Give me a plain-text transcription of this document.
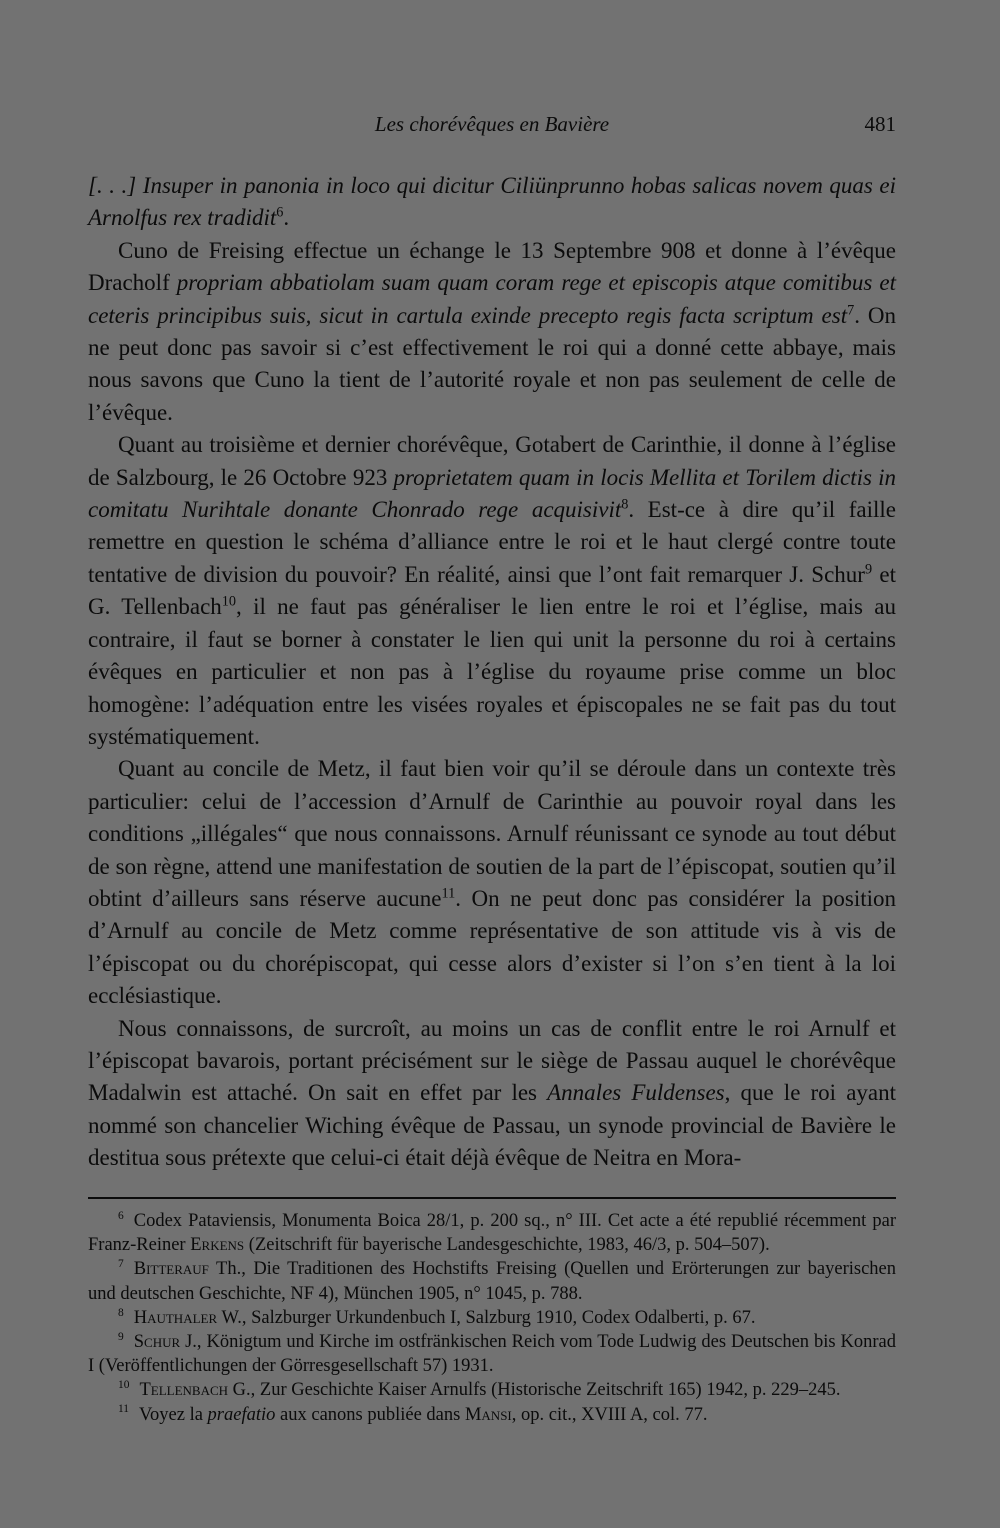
Les chorévêques en Bavière	481

[. . .] Insuper in panonia in loco qui dicitur Ciliünprunno hobas salicas novem quas ei Arnolfus rex tradidit$^6$.

Cuno de Freising effectue un échange le 13 Septembre 908 et donne à l’évêque Dracholf propriam abbatiolam suam quam coram rege et episcopis atque comitibus et ceteris principibus suis, sicut in cartula exinde precepto regis facta scriptum est$^7$. On ne peut donc pas savoir si c’est effectivement le roi qui a donné cette abbaye, mais nous savons que Cuno la tient de l’autorité royale et non pas seulement de celle de l’évêque.

Quant au troisième et dernier chorévêque, Gotabert de Carinthie, il donne à l’église de Salzbourg, le 26 Octobre 923 proprietatem quam in locis Mellita et Torilem dictis in comitatu Nurihtale donante Chonrado rege acquisivit$^8$. Est-ce à dire qu’il faille remettre en question le schéma d’alliance entre le roi et le haut clergé contre toute tentative de division du pouvoir? En réalité, ainsi que l’ont fait remarquer J. Schur$^9$ et G. Tellenbach$^{10}$, il ne faut pas généraliser le lien entre le roi et l’église, mais au contraire, il faut se borner à constater le lien qui unit la personne du roi à certains évêques en particulier et non pas à l’église du royaume prise comme un bloc homogène: l’adéquation entre les visées royales et épiscopales ne se fait pas du tout systématiquement.

Quant au concile de Metz, il faut bien voir qu’il se déroule dans un contexte très particulier: celui de l’accession d’Arnulf de Carinthie au pouvoir royal dans les conditions „illégales“ que nous connaissons. Arnulf réunissant ce synode au tout début de son règne, attend une manifestation de soutien de la part de l’épiscopat, soutien qu’il obtint d’ailleurs sans réserve aucune$^{11}$. On ne peut donc pas considérer la position d’Arnulf au concile de Metz comme représentative de son attitude vis à vis de l’épiscopat ou du chorépiscopat, qui cesse alors d’exister si l’on s’en tient à la loi ecclésiastique.

Nous connaissons, de surcroît, au moins un cas de conflit entre le roi Arnulf et l’épiscopat bavarois, portant précisément sur le siège de Passau auquel le chorévêque Madalwin est attaché. On sait en effet par les Annales Fuldenses, que le roi ayant nommé son chancelier Wiching évêque de Passau, un synode provincial de Bavière le destitua sous prétexte que celui-ci était déjà évêque de Neitra en Mora-

$^6$ Codex Pataviensis, Monumenta Boica 28/1, p. 200 sq., n° III. Cet acte a été republié récemment par Franz-Reiner Erkens (Zeitschrift für bayerische Landesgeschichte, 1983, 46/3, p. 504–507).

$^7$ Bitterauf Th., Die Traditionen des Hochstifts Freising (Quellen und Erörterungen zur bayerischen und deutschen Geschichte, NF 4), München 1905, n° 1045, p. 788.

$^8$ Hauthaler W., Salzburger Urkundenbuch I, Salzburg 1910, Codex Odalberti, p. 67.

$^9$ Schur J., Königtum und Kirche im ostfränkischen Reich vom Tode Ludwig des Deutschen bis Konrad I (Veröffentlichungen der Görresgesellschaft 57) 1931.

$^{10}$ Tellenbach G., Zur Geschichte Kaiser Arnulfs (Historische Zeitschrift 165) 1942, p. 229–245.

$^{11}$ Voyez la praefatio aux canons publiée dans Mansi, op. cit., XVIII A, col. 77.
